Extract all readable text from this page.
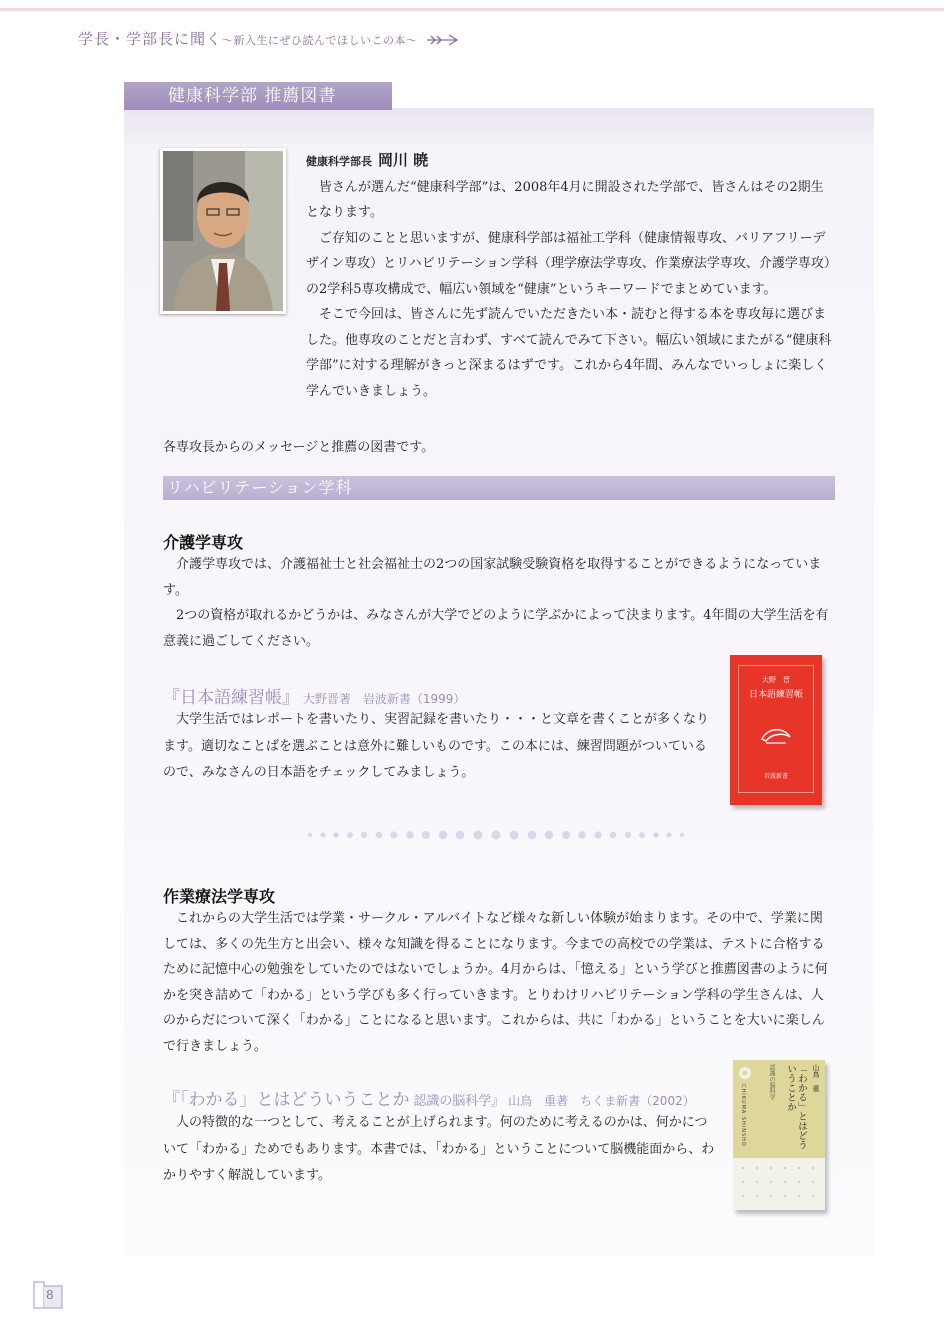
学長・学部長に聞く〜新入生にぜひ読んでほしいこの本〜
健康科学部 推薦図書
健康科学部長 岡川 暁

皆さんが選んだ“健康科学部”は、2008年4月に開設された学部で、皆さんはその2期生となります。

ご存知のことと思いますが、健康科学部は福祉工学科（健康情報専攻、バリアフリーデザイン専攻）とリハビリテーション学科（理学療法学専攻、作業療法学専攻、介護学専攻）の2学科5専攻構成で、幅広い領域を“健康”というキーワードでまとめています。

そこで今回は、皆さんに先ず読んでいただきたい本・読むと得する本を専攻毎に選びました。他専攻のことだと言わず、すべて読んでみて下さい。幅広い領域にまたがる“健康科学部”に対する理解がきっと深まるはずです。これから4年間、みんなでいっしょに楽しく学んでいきましょう。

各専攻長からのメッセージと推薦の図書です。
リハビリテーション学科
介護学専攻

介護学専攻では、介護福祉士と社会福祉士の2つの国家試験受験資格を取得することができるようになっています。

2つの資格が取れるかどうかは、みなさんが大学でどのように学ぶかによって決まります。4年間の大学生活を有意義に過ごしてください。

『日本語練習帳』 大野晋著　岩波新書（1999）

大学生活ではレポートを書いたり、実習記録を書いたり・・・と文章を書くことが多くなります。適切なことばを選ぶことは意外に難しいものです。この本には、練習問題がついているので、みなさんの日本語をチェックしてみましょう。

大野　晋
日本語練習帳
岩波新書
作業療法学専攻

これからの大学生活では学業・サークル・アルバイトなど様々な新しい体験が始まります。その中で、学業に関しては、多くの先生方と出会い、様々な知識を得ることになります。今までの高校での学業は、テストに合格するために記憶中心の勉強をしていたのではないでしょうか。4月からは、「憶える」という学びと推薦図書のように何かを突き詰めて「わかる」という学びも多く行っていきます。とりわけリハビリテーション学科の学生さんは、人のからだについて深く「わかる」ことになると思います。これからは、共に「わかる」ということを大いに楽しんで行きましょう。

『「わかる」とはどういうことか 認識の脳科学』 山鳥　重著　ちくま新書（2002）

人の特徴的な一つとして、考えることが上げられます。何のために考えるのかは、何かについて「わかる」ためでもあります。本書では、「わかる」ということについて脳機能面から、わかりやすく解説しています。

認識の脳科学	「わかる」とはどういうことか	山鳥　重
CHIKUMA SHINSHO
8
